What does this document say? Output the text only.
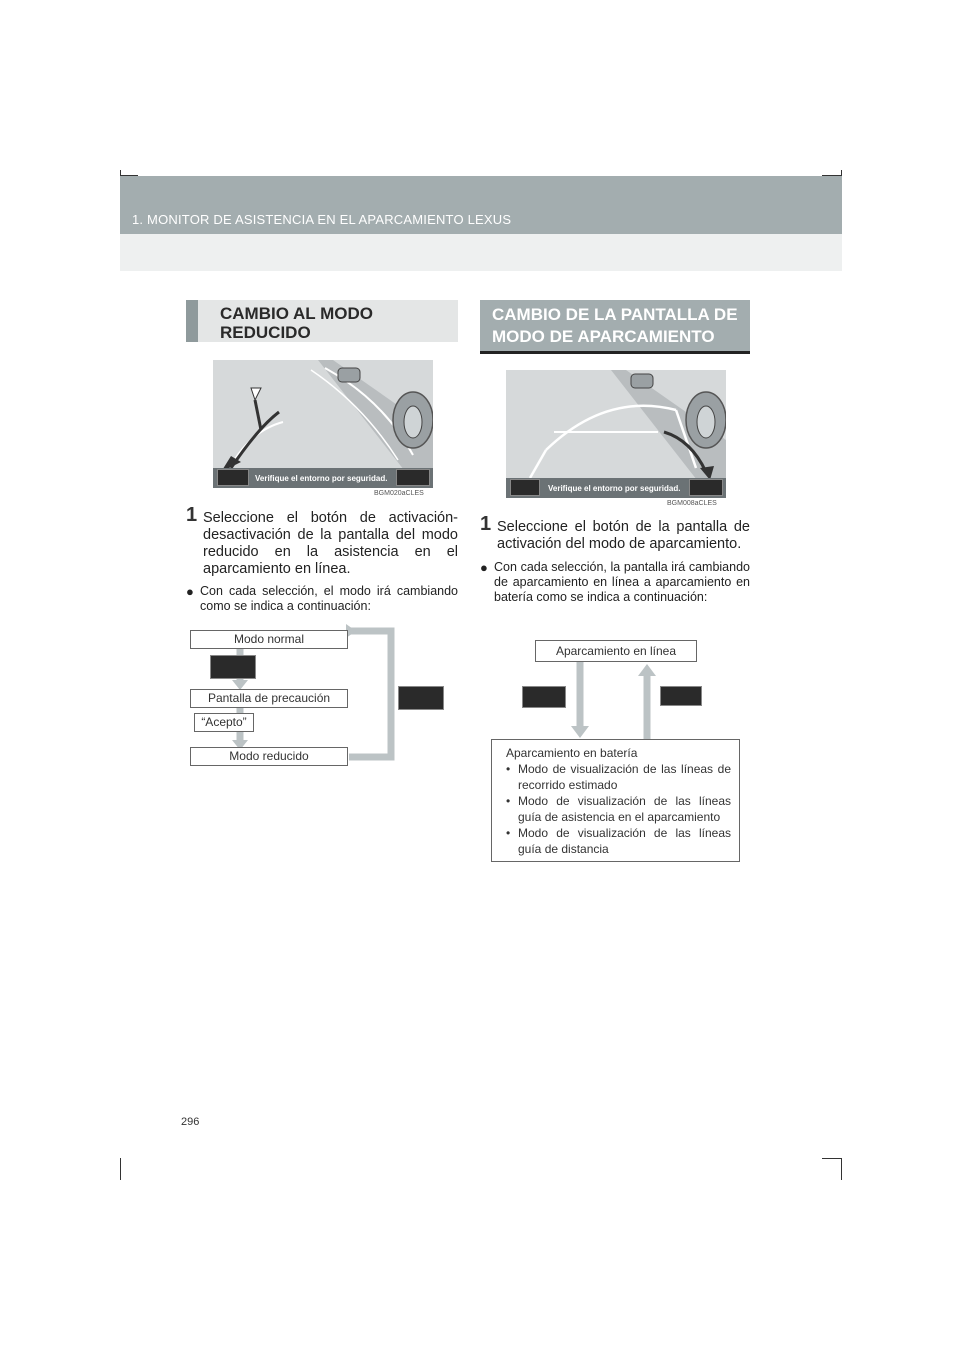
1. MONITOR DE ASISTENCIA EN EL APARCAMIENTO LEXUS
CAMBIO AL MODO
REDUCIDO
Verifique el entorno por seguridad.
BGM020aCLES
1 Seleccione el botón de activación-desactivación de la pantalla del modo reducido en la asistencia en el aparcamiento en línea.
● Con cada selección, el modo irá cambiando como se indica a continuación:
Modo normal
Pantalla de precaución
“Acepto”
Modo reducido
CAMBIO DE LA PANTALLA DE
MODO DE APARCAMIENTO
Verifique el entorno por seguridad.
BGM008aCLES
1 Seleccione el botón de la pantalla de activación del modo de aparcamiento.
● Con cada selección, la pantalla irá cambiando de aparcamiento en línea a aparcamiento en batería como se indica a continuación:
Aparcamiento en línea
Aparcamiento en batería
• Modo de visualización de las líneas de recorrido estimado
• Modo de visualización de las líneas guía de asistencia en el aparcamiento
• Modo de visualización de las líneas guía de distancia
296
